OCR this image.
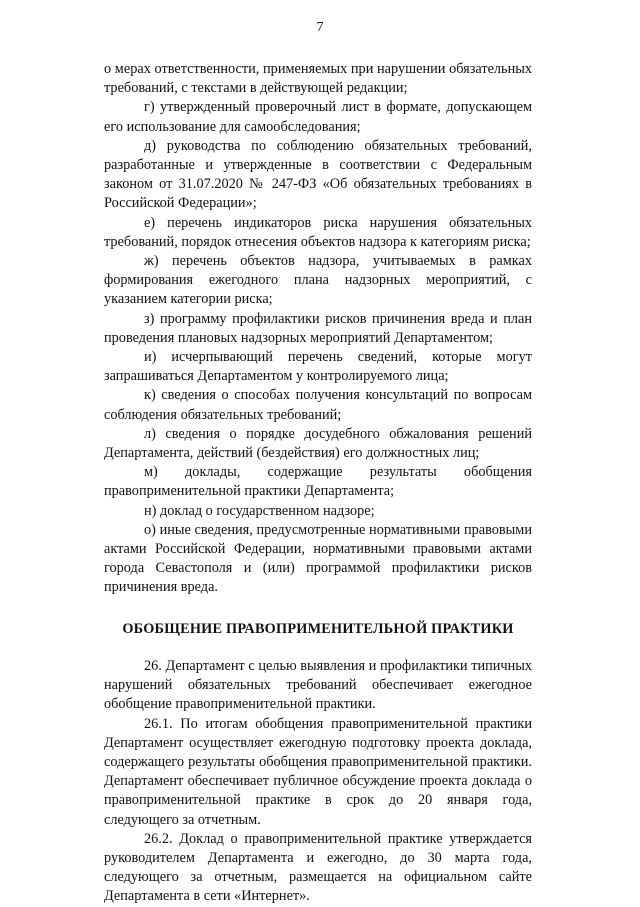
7

о мерах ответственности, применяемых при нарушении обязательных требований, с текстами в действующей редакции;

г) утвержденный проверочный лист в формате, допускающем его использование для самообследования;

д) руководства по соблюдению обязательных требований, разработанные и утвержденные в соответствии с Федеральным законом от 31.07.2020 № 247-ФЗ «Об обязательных требованиях в Российской Федерации»;

е) перечень индикаторов риска нарушения обязательных требований, порядок отнесения объектов надзора к категориям риска;

ж) перечень объектов надзора, учитываемых в рамках формирования ежегодного плана надзорных мероприятий, с указанием категории риска;

з) программу профилактики рисков причинения вреда и план проведения плановых надзорных мероприятий Департаментом;

и) исчерпывающий перечень сведений, которые могут запрашиваться Департаментом у контролируемого лица;

к) сведения о способах получения консультаций по вопросам соблюдения обязательных требований;

л) сведения о порядке досудебного обжалования решений Департамента, действий (бездействия) его должностных лиц;

м) доклады, содержащие результаты обобщения правоприменительной практики Департамента;

н) доклад о государственном надзоре;

о) иные сведения, предусмотренные нормативными правовыми актами Российской Федерации, нормативными правовыми актами города Севастополя и (или) программой профилактики рисков причинения вреда.

ОБОБЩЕНИЕ ПРАВОПРИМЕНИТЕЛЬНОЙ ПРАКТИКИ

26. Департамент с целью выявления и профилактики типичных нарушений обязательных требований обеспечивает ежегодное обобщение правоприменительной практики.

26.1. По итогам обобщения правоприменительной практики Департамент осуществляет ежегодную подготовку проекта доклада, содержащего результаты обобщения правоприменительной практики. Департамент обеспечивает публичное обсуждение проекта доклада о правоприменительной практике в срок до 20 января года, следующего за отчетным.

26.2. Доклад о правоприменительной практике утверждается руководителем Департамента и ежегодно, до 30 марта года, следующего за отчетным, размещается на официальном сайте Департамента в сети «Интернет».
